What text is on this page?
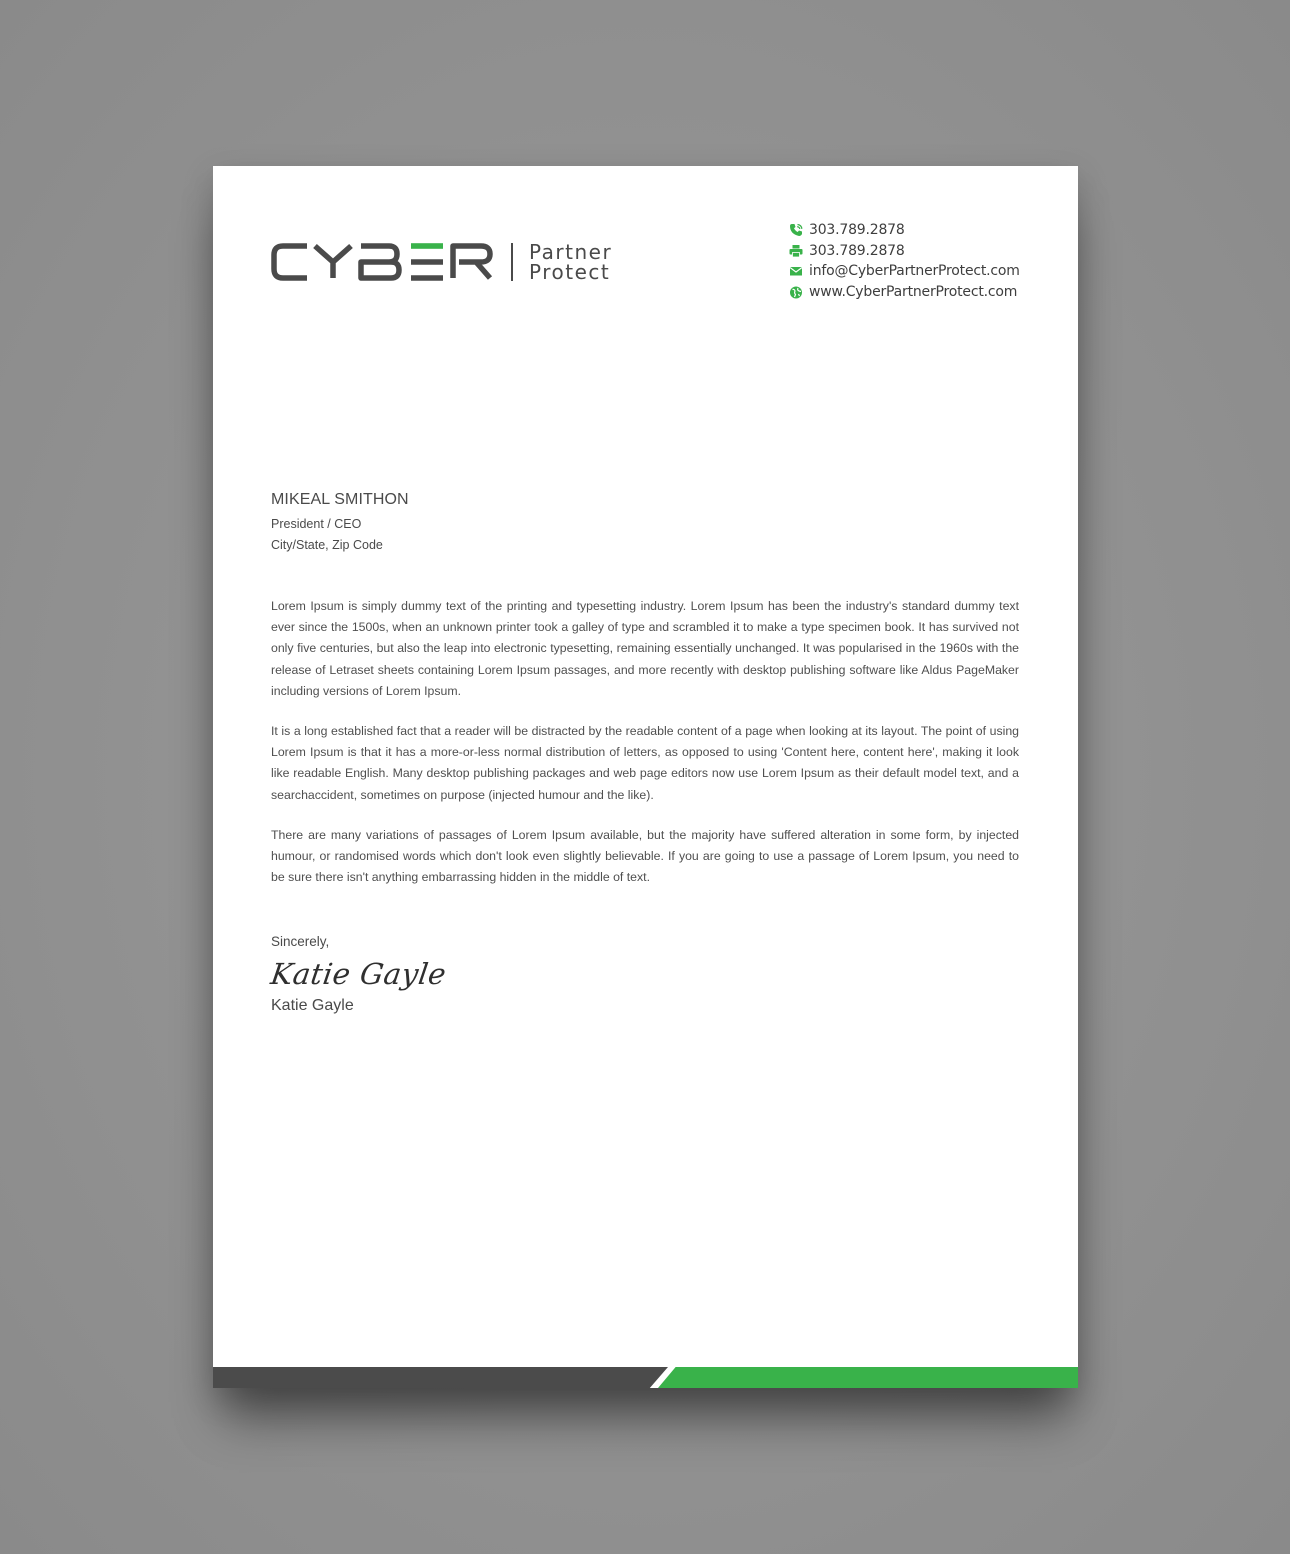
Partner
Protect
303.789.2878
303.789.2878
info@CyberPartnerProtect.com
www.CyberPartnerProtect.com
MIKEAL SMITHON
President / CEO
City/State, Zip Code

Lorem Ipsum is simply dummy text of the printing and typesetting industry. Lorem Ipsum has been the industry's standard dummy text ever since the 1500s, when an unknown printer took a galley of type and scrambled it to make a type specimen book. It has survived not only five centuries, but also the leap into electronic typesetting, remaining essentially unchanged. It was popularised in the 1960s with the release of Letraset sheets containing Lorem Ipsum passages, and more recently with desktop publishing software like Aldus PageMaker including versions of Lorem Ipsum.

It is a long established fact that a reader will be distracted by the readable content of a page when looking at its layout. The point of using Lorem Ipsum is that it has a more-or-less normal distribution of letters, as opposed to using 'Content here, content here', making it look like readable English. Many desktop publishing packages and web page editors now use Lorem Ipsum as their default model text, and a searchaccident, sometimes on purpose (injected humour and the like).

There are many variations of passages of Lorem Ipsum available, but the majority have suffered alteration in some form, by injected humour, or randomised words which don't look even slightly believable. If you are going to use a passage of Lorem Ipsum, you need to be sure there isn't anything embarrassing hidden in the middle of text.

Sincerely,
Katie Gayle
Katie Gayle
